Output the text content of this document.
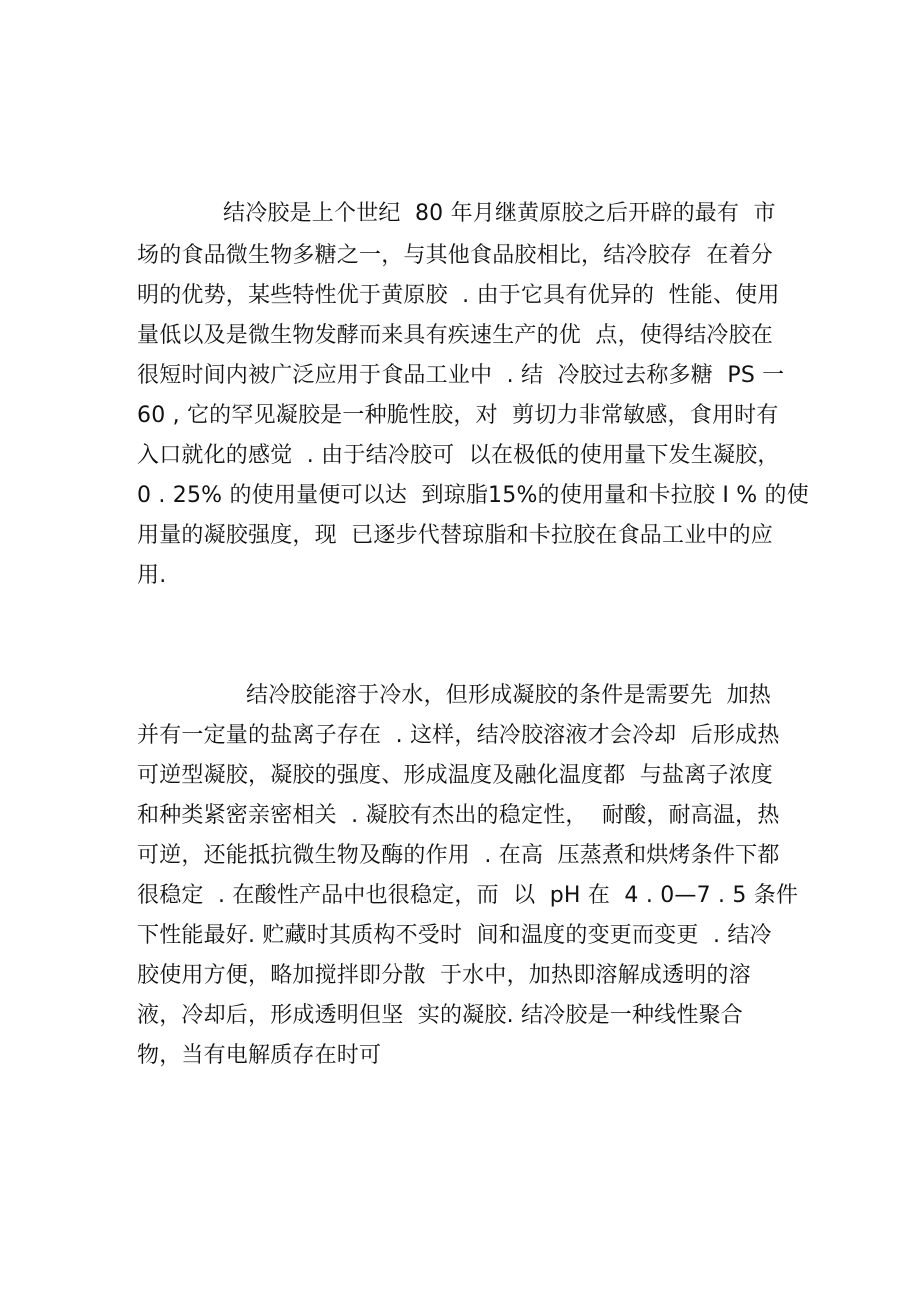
结冷胶是上个世纪  80 年月继黄原胶之后开辟的最有  市
场的食品微生物多糖之一，与其他食品胶相比，结冷胶存  在着分
明的优势，某些特性优于黄原胶  . 由于它具有优异的  性能、使用
量低以及是微生物发酵而来具有疾速生产的优  点，使得结冷胶在
很短时间内被广泛应用于食品工业中  . 结  冷胶过去称多糖  PS 一
60 , 它的罕见凝胶是一种脆性胶，对  剪切力非常敏感，食用时有
入口就化的感觉  . 由于结冷胶可  以在极低的使用量下发生凝胶，
0 . 25% 的使用量便可以达  到琼脂15%的使用量和卡拉胶 Ⅰ % 的使
用量的凝胶强度，现  已逐步代替琼脂和卡拉胶在食品工业中的应
用.
结冷胶能溶于冷水，但形成凝胶的条件是需要先  加热
并有一定量的盐离子存在  . 这样，结冷胶溶液才会冷却  后形成热
可逆型凝胶，凝胶的强度、形成温度及融化温度都  与盐离子浓度
和种类紧密亲密相关  . 凝胶有杰出的稳定性，  耐酸，耐高温，热
可逆，还能抵抗微生物及酶的作用  . 在高  压蒸煮和烘烤条件下都
很稳定  . 在酸性产品中也很稳定，而  以  pH 在  4 . 0—7 . 5 条件
下性能最好. 贮藏时其质构不受时  间和温度的变更而变更  . 结冷
胶使用方便，略加搅拌即分散  于水中，加热即溶解成透明的溶
液，冷却后，形成透明但坚  实的凝胶. 结冷胶是一种线性聚合
物，当有电解质存在时可
